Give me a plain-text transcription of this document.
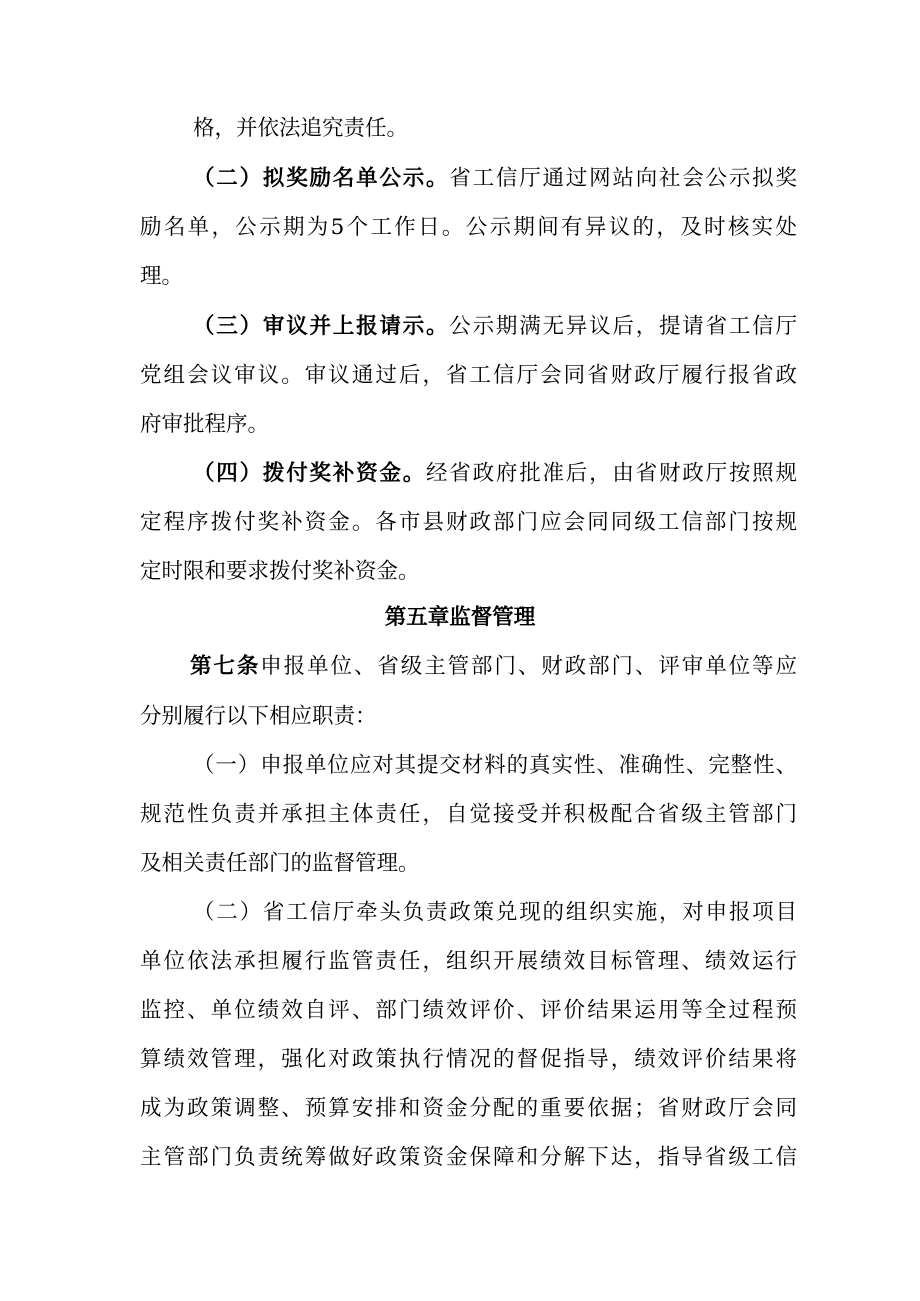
格，并依法追究责任。
（二）拟奖励名单公示。省工信厅通过网站向社会公示拟奖
励名单，公示期为5个工作日。公示期间有异议的，及时核实处
理。
（三）审议并上报请示。公示期满无异议后，提请省工信厅
党组会议审议。审议通过后，省工信厅会同省财政厅履行报省政
府审批程序。
（四）拨付奖补资金。经省政府批准后，由省财政厅按照规
定程序拨付奖补资金。各市县财政部门应会同同级工信部门按规
定时限和要求拨付奖补资金。
第五章监督管理
第七条申报单位、省级主管部门、财政部门、评审单位等应
分别履行以下相应职责：
（一）申报单位应对其提交材料的真实性、准确性、完整性、
规范性负责并承担主体责任，自觉接受并积极配合省级主管部门
及相关责任部门的监督管理。
（二）省工信厅牵头负责政策兑现的组织实施，对申报项目
单位依法承担履行监管责任，组织开展绩效目标管理、绩效运行
监控、单位绩效自评、部门绩效评价、评价结果运用等全过程预
算绩效管理，强化对政策执行情况的督促指导，绩效评价结果将
成为政策调整、预算安排和资金分配的重要依据；省财政厅会同
主管部门负责统筹做好政策资金保障和分解下达，指导省级工信
